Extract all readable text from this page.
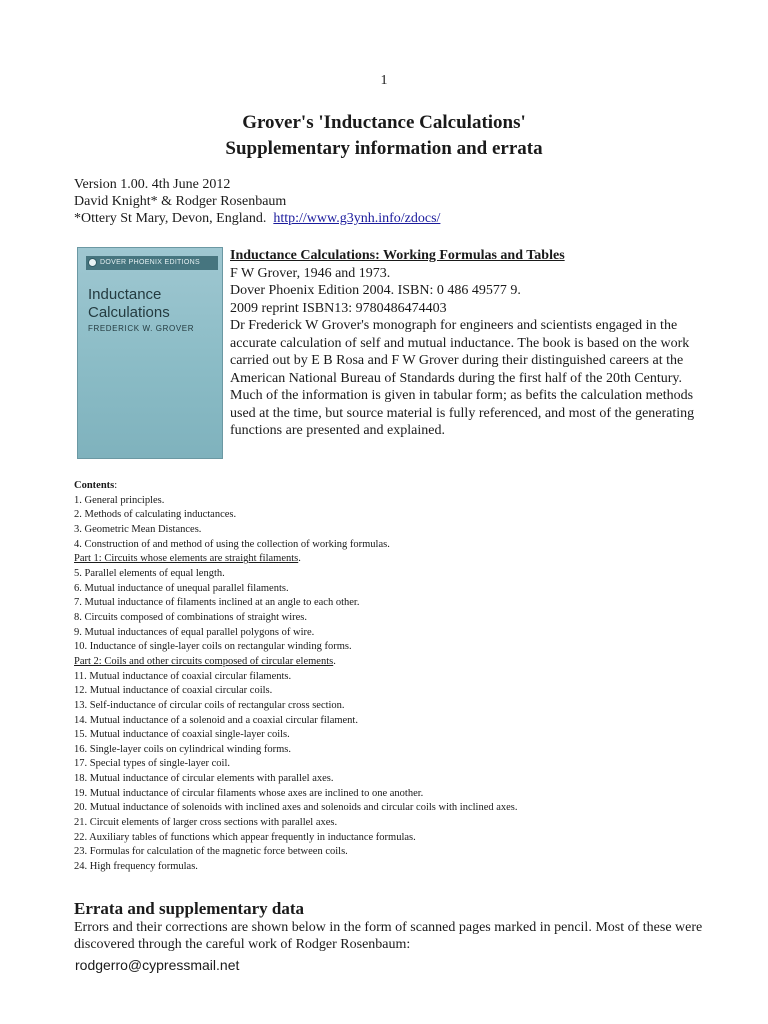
1
Grover's 'Inductance Calculations'
Supplementary information and errata
Version 1.00. 4th June 2012
David Knight* & Rodger Rosenbaum
*Ottery St Mary, Devon, England. http://www.g3ynh.info/zdocs/
DOVER PHOENIX EDITIONS
Inductance Calculations
FREDERICK W. GROVER
Inductance Calculations: Working Formulas and Tables
F W Grover, 1946 and 1973.
Dover Phoenix Edition 2004. ISBN: 0 486 49577 9.
2009 reprint ISBN13: 9780486474403
Dr Frederick W Grover's monograph for engineers and scientists engaged in the accurate calculation of self and mutual inductance. The book is based on the work carried out by E B Rosa and F W Grover during their distinguished careers at the American National Bureau of Standards during the first half of the 20th Century. Much of the information is given in tabular form; as befits the calculation methods used at the time, but source material is fully referenced, and most of the generating functions are presented and explained.
Contents:
1. General principles.
2. Methods of calculating inductances.
3. Geometric Mean Distances.
4. Construction of and method of using the collection of working formulas.
Part 1: Circuits whose elements are straight filaments.
5. Parallel elements of equal length.
6. Mutual inductance of unequal parallel filaments.
7. Mutual inductance of filaments inclined at an angle to each other.
8. Circuits composed of combinations of straight wires.
9. Mutual inductances of equal parallel polygons of wire.
10. Inductance of single-layer coils on rectangular winding forms.
Part 2: Coils and other circuits composed of circular elements.
11. Mutual inductance of coaxial circular filaments.
12. Mutual inductance of coaxial circular coils.
13. Self-inductance of circular coils of rectangular cross section.
14. Mutual inductance of a solenoid and a coaxial circular filament.
15. Mutual inductance of coaxial single-layer coils.
16. Single-layer coils on cylindrical winding forms.
17. Special types of single-layer coil.
18. Mutual inductance of circular elements with parallel axes.
19. Mutual inductance of circular filaments whose axes are inclined to one another.
20. Mutual inductance of solenoids with inclined axes and solenoids and circular coils with inclined axes.
21. Circuit elements of larger cross sections with parallel axes.
22. Auxiliary tables of functions which appear frequently in inductance formulas.
23. Formulas for calculation of the magnetic force between coils.
24. High frequency formulas.
Errata and supplementary data

Errors and their corrections are shown below in the form of scanned pages marked in pencil. Most of these were discovered through the careful work of Rodger Rosenbaum:

rodgerro@cypressmail.net
